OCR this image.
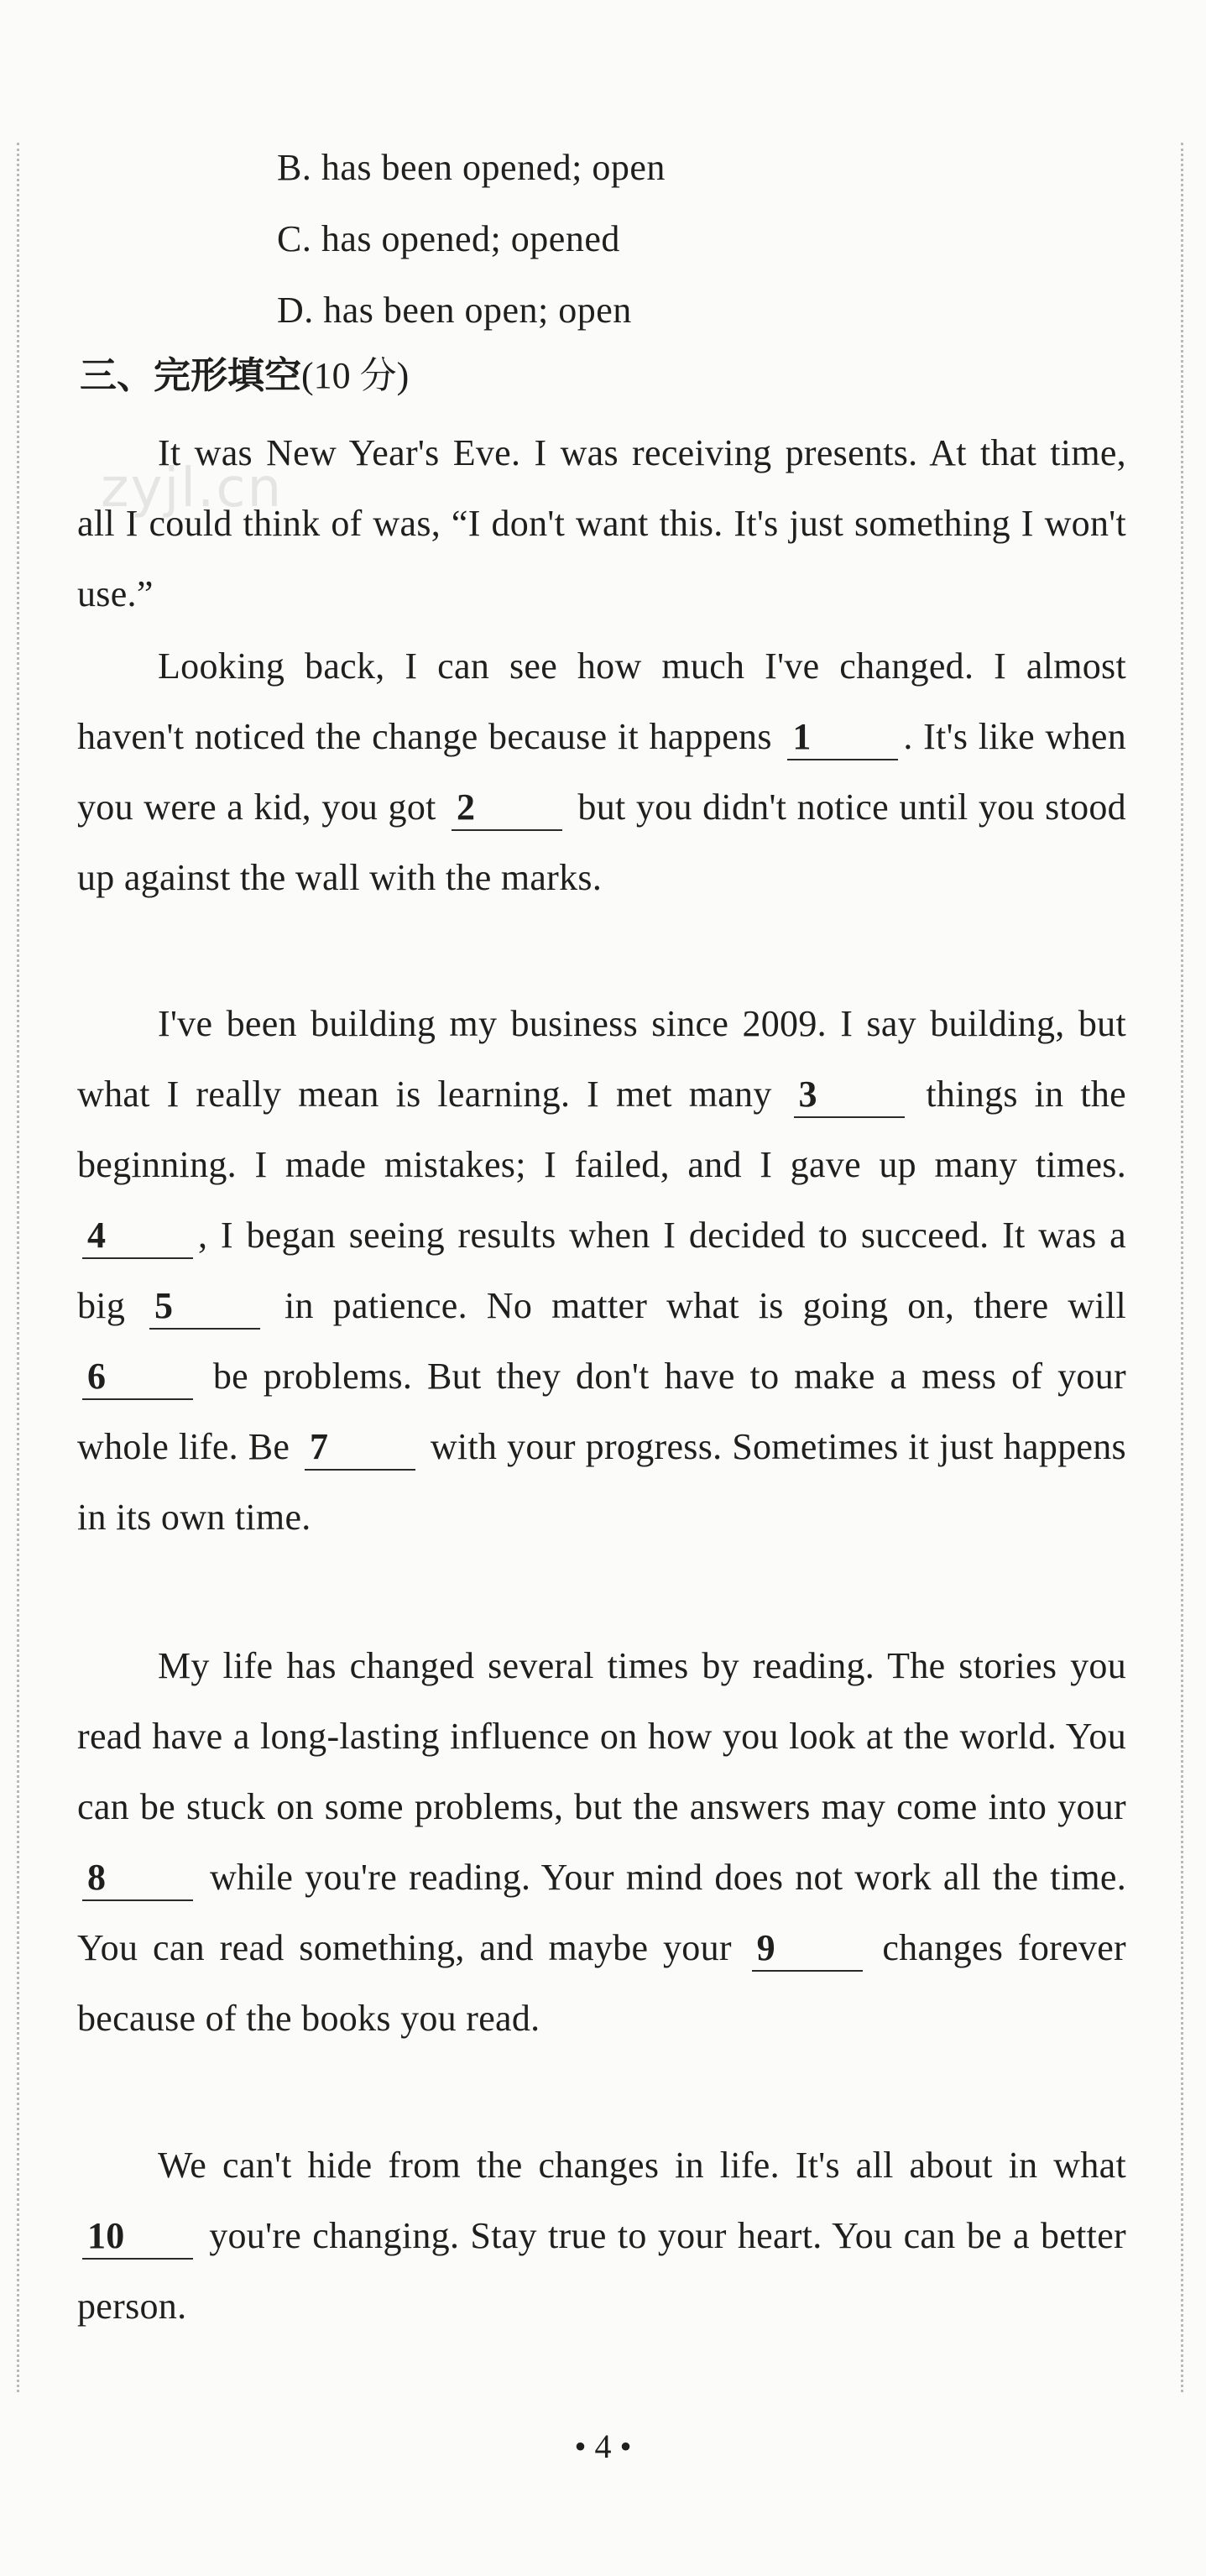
B. has been opened; open
C. has opened; opened
D. has been open; open
三、完形填空(10 分)
zyjl.cn
It was New Year's Eve. I was receiving presents. At that time, all I could think of was, “I don't want this. It's just something I won't use.”
Looking back, I can see how much I've changed. I almost haven't noticed the change because it happens 1 . It's like when you were a kid, you got 2	but you didn't notice until you stood up against the wall with the marks.
I've been building my business since 2009. I say building, but what I really mean is learning. I met many 3	things in the beginning. I made mistakes; I failed, and I gave up many times. 4 , I began seeing results when I decided to succeed. It was a big 5	in patience. No matter what is going on, there will 6	be problems. But they don't have to make a mess of your whole life. Be 7	with your progress. Sometimes it just happens in its own time.
My life has changed several times by reading. The stories you read have a long-lasting influence on how you look at the world. You can be stuck on some problems, but the answers may come into your 8	while you're reading. Your mind does not work all the time. You can read something, and maybe your 9	changes forever because of the books you read.
We can't hide from the changes in life. It's all about in what 10 you're changing. Stay true to your heart. You can be a better person.
• 4 •
